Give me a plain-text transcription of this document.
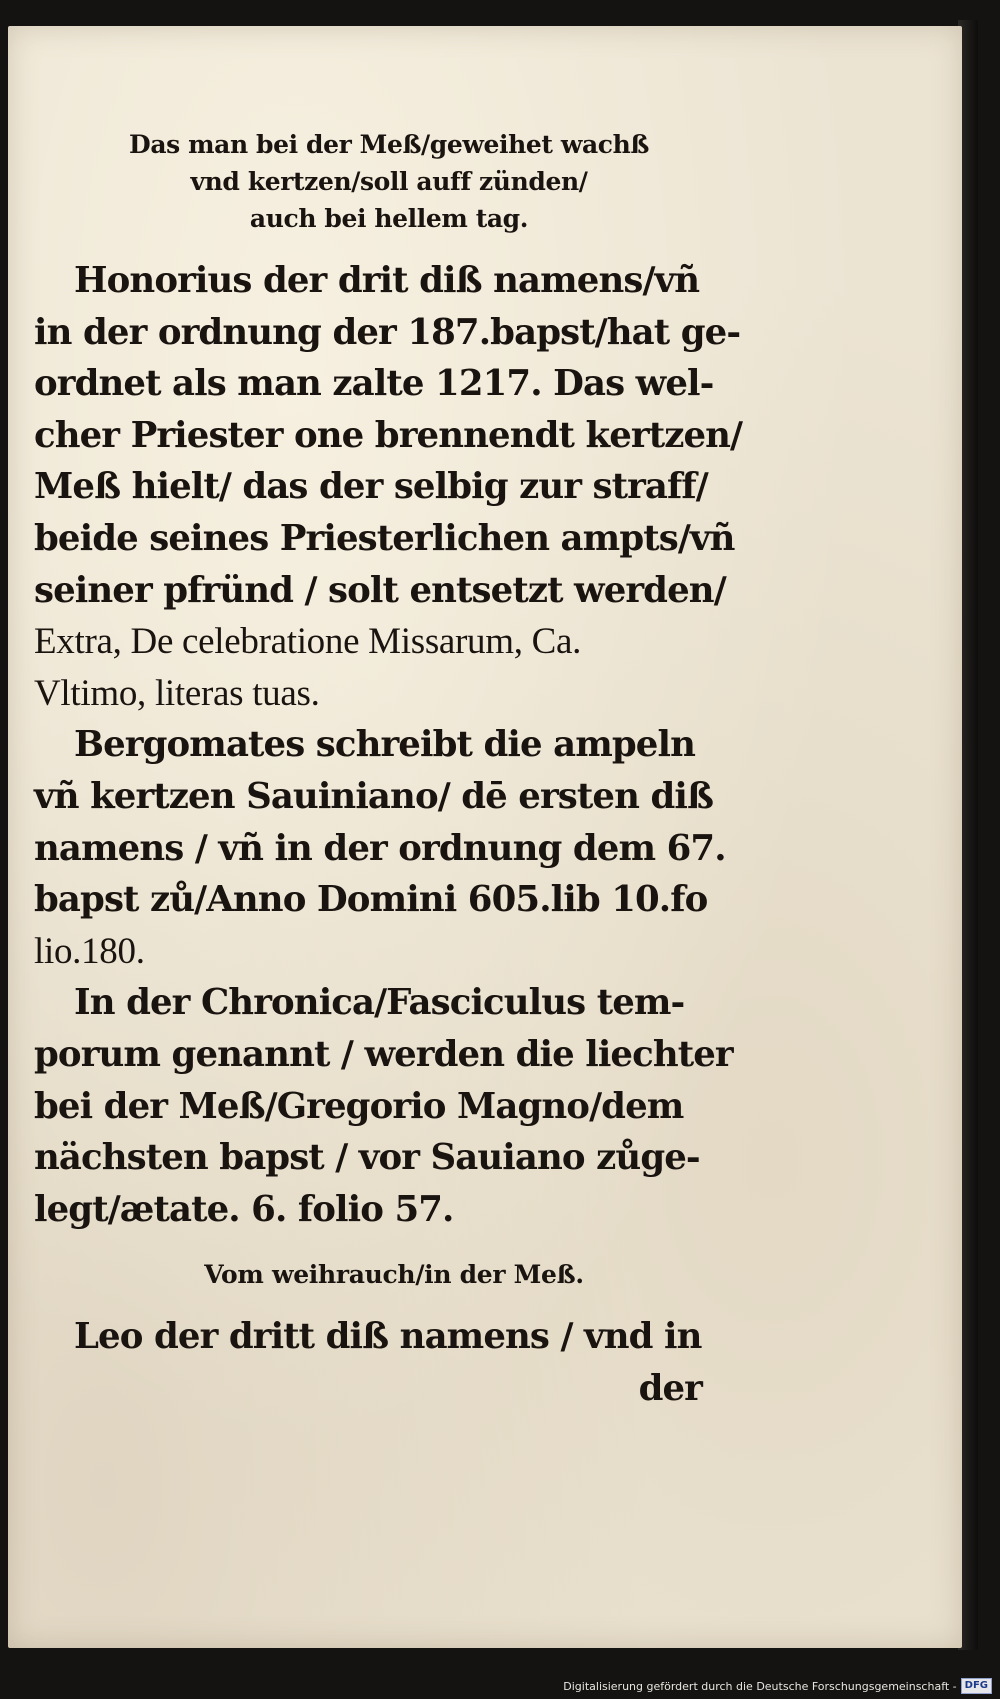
Das man bei der Meß/geweihet wachß
vnd kertzen/soll auff zünden/
auch bei hellem tag.
Honorius der drit diß namens/vñ
in der ordnung der 187.bapst/hat ge-
ordnet als man zalte 1217. Das wel-
cher Priester one brennendt kertzen/
Meß hielt/ das der selbig zur straff/
beide seines Priesterlichen ampts/vñ
seiner pfründ / solt entsetzt werden/
Extra, De celebratione Missarum, Ca.
Vltimo, literas tuas.
Bergomates schreibt die ampeln
vñ kertzen Sauiniano/ dē ersten diß
namens / vñ in der ordnung dem 67.
bapst zů/Anno Domini 605.lib 10.fo
lio.180.
In der Chronica/Fasciculus tem-
porum genannt / werden die liechter
bei der Meß/Gregorio Magno/dem
nächsten bapst / vor Sauiano zůge-
legt/ætate. 6. folio 57.
Vom weihrauch/in der Meß.
Leo der dritt diß namens / vnd in
der
Digitalisierung gefördert durch die Deutsche Forschungsgemeinschaft - DFG
